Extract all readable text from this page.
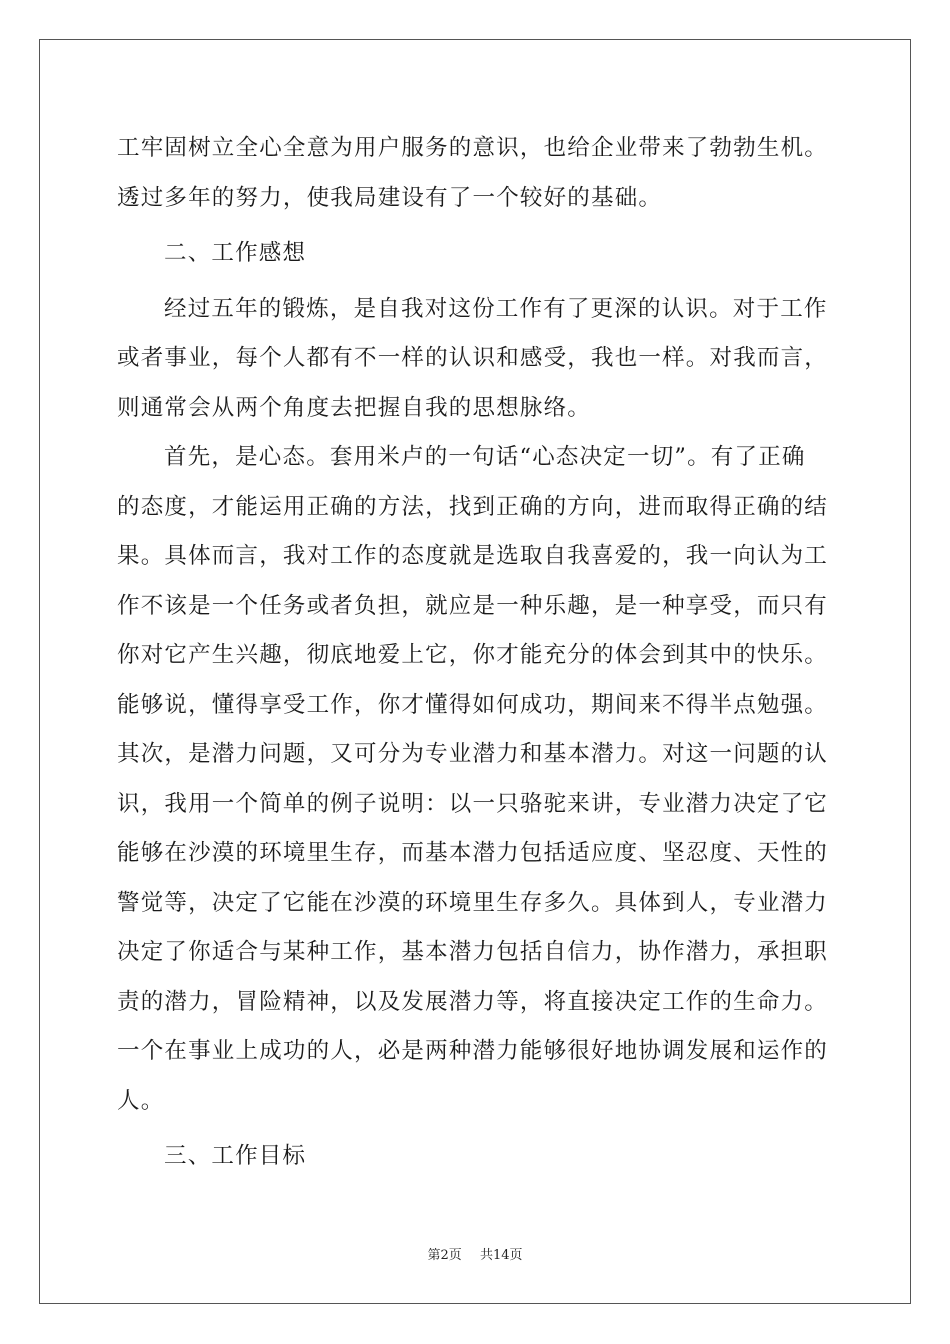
工牢固树立全心全意为用户服务的意识，也给企业带来了勃勃生机。
透过多年的努力，使我局建设有了一个较好的基础。
二、工作感想
经过五年的锻炼，是自我对这份工作有了更深的认识。对于工作
或者事业，每个人都有不一样的认识和感受，我也一样。对我而言，
则通常会从两个角度去把握自我的思想脉络。
首先，是心态。套用米卢的一句话“心态决定一切”。有了正确
的态度，才能运用正确的方法，找到正确的方向，进而取得正确的结
果。具体而言，我对工作的态度就是选取自我喜爱的，我一向认为工
作不该是一个任务或者负担，就应是一种乐趣，是一种享受，而只有
你对它产生兴趣，彻底地爱上它，你才能充分的体会到其中的快乐。
能够说，懂得享受工作，你才懂得如何成功，期间来不得半点勉强。
其次，是潜力问题，又可分为专业潜力和基本潜力。对这一问题的认
识，我用一个简单的例子说明：以一只骆驼来讲，专业潜力决定了它
能够在沙漠的环境里生存，而基本潜力包括适应度、坚忍度、天性的
警觉等，决定了它能在沙漠的环境里生存多久。具体到人，专业潜力
决定了你适合与某种工作，基本潜力包括自信力，协作潜力，承担职
责的潜力，冒险精神，以及发展潜力等，将直接决定工作的生命力。
一个在事业上成功的人，必是两种潜力能够很好地协调发展和运作的
人。
三、工作目标
第2页 共14页
